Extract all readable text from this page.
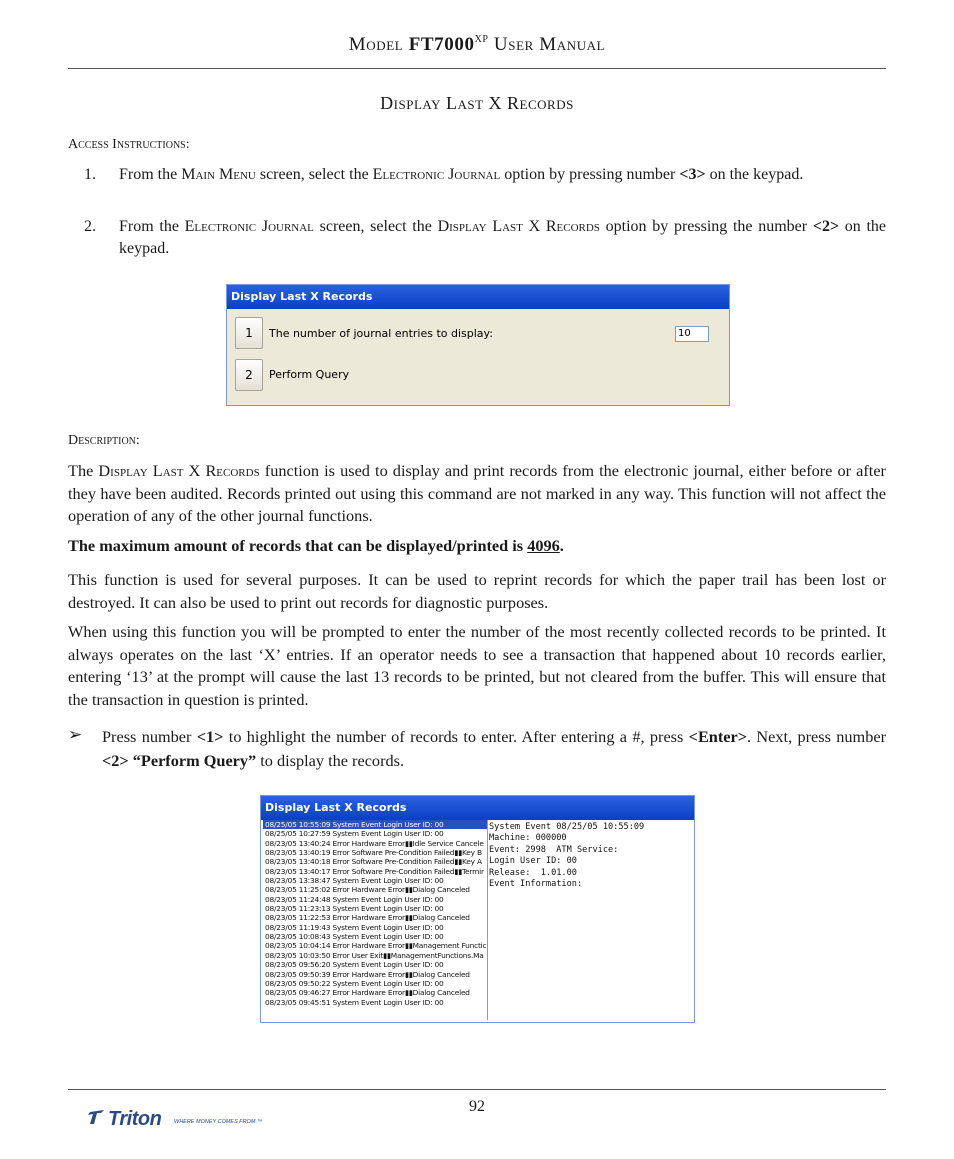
Model $FT7000^{XP}$ User Manual
Display Last X Records
Access Instructions:
1. From the Main Menu screen, select the Electronic Journal option by pressing number <3> on the keypad.
2. From the Electronic Journal screen, select the Display Last X Records option by pressing the number <2> on the keypad.
Display Last X Records
1	The number of journal entries to display:	10
2	Perform Query
Description:
The Display Last X Records function is used to display and print records from the electronic journal, either before or after they have been audited. Records printed out using this command are not marked in any way. This function will not affect the operation of any of the other journal functions.
The maximum amount of records that can be displayed/printed is 4096.
This function is used for several purposes. It can be used to reprint records for which the paper trail has been lost or destroyed. It can also be used to print out records for diagnostic purposes.
When using this function you will be prompted to enter the number of the most recently collected records to be printed. It always operates on the last ‘X’ entries. If an operator needs to see a transaction that happened about 10 records earlier, entering ‘13’ at the prompt will cause the last 13 records to be printed, but not cleared from the buffer. This will ensure that the transaction in question is printed.
➢ Press number <1> to highlight the number of records to enter. After entering a #, press <Enter>. Next, press number <2> “Perform Query” to display the records.
Display Last X Records
08/25/05 10:55:09 System Event Login User ID: 00
08/25/05 10:27:59 System Event Login User ID: 00
08/23/05 13:40:24 Error Hardware Error▮▮Idle Service Cancele
08/23/05 13:40:19 Error Software Pre-Condition Failed▮▮Key B
08/23/05 13:40:18 Error Software Pre-Condition Failed▮▮Key A
08/23/05 13:40:17 Error Software Pre-Condition Failed▮▮Termir
08/23/05 13:38:47 System Event Login User ID: 00
08/23/05 11:25:02 Error Hardware Error▮▮Dialog Canceled
08/23/05 11:24:48 System Event Login User ID: 00
08/23/05 11:23:13 System Event Login User ID: 00
08/23/05 11:22:53 Error Hardware Error▮▮Dialog Canceled
08/23/05 11:19:43 System Event Login User ID: 00
08/23/05 10:08:43 System Event Login User ID: 00
08/23/05 10:04:14 Error Hardware Error▮▮Management Functic
08/23/05 10:03:50 Error User Exit▮▮ManagementFunctions.Ma
08/23/05 09:56:20 System Event Login User ID: 00
08/23/05 09:50:39 Error Hardware Error▮▮Dialog Canceled
08/23/05 09:50:22 System Event Login User ID: 00
08/23/05 09:46:27 Error Hardware Error▮▮Dialog Canceled
08/23/05 09:45:51 System Event Login User ID: 00
System Event 08/25/05 10:55:09
Machine: 000000
Event: 2998  ATM Service:
Login User ID: 00
Release:  1.01.00
Event Information:
92
Triton WHERE MONEY COMES FROM.™
